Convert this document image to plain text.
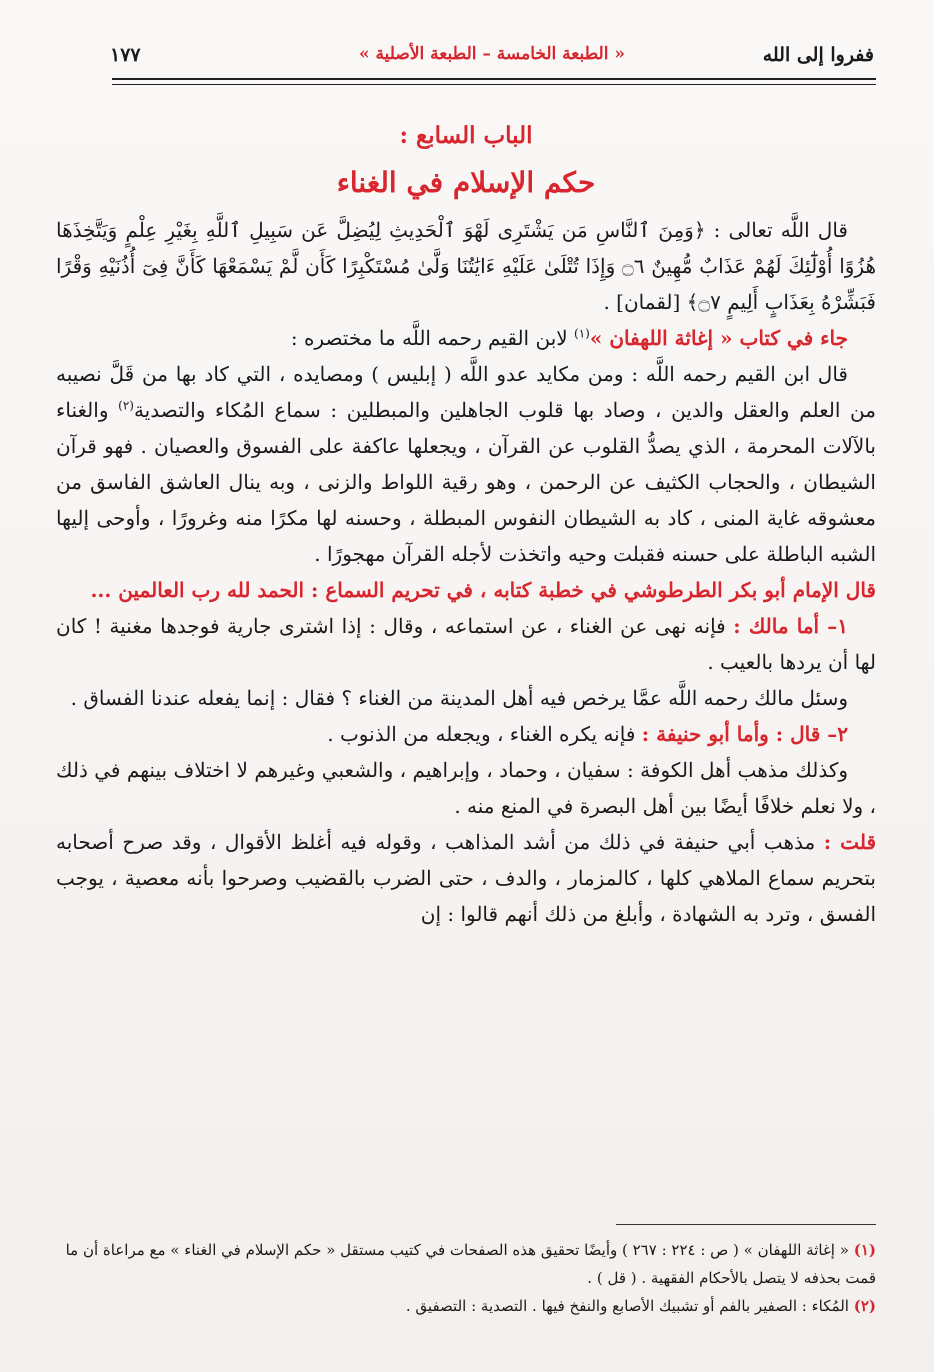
ففروا إلى الله
« الطبعة الخامسة – الطبعة الأصلية »
١٧٧
الباب السابع :
حكم الإسلام في الغناء

قال اللَّه تعالى : ﴿وَمِنَ ٱلنَّاسِ مَن يَشْتَرِى لَهْوَ ٱلْحَدِيثِ لِيُضِلَّ عَن سَبِيلِ ٱللَّهِ بِغَيْرِ عِلْمٍ وَيَتَّخِذَهَا هُزُوًا أُوْلَٰٓئِكَ لَهُمْ عَذَابٌ مُّهِينٌ ۝٦ وَإِذَا تُتْلَىٰ عَلَيْهِ ءَايَٰتُنَا وَلَّىٰ مُسْتَكْبِرًا كَأَن لَّمْ يَسْمَعْهَا كَأَنَّ فِىٓ أُذُنَيْهِ وَقْرًا فَبَشِّرْهُ بِعَذَابٍ أَلِيمٍ ۝٧﴾ [لقمان] .

جاء في كتاب « إغاثة اللهفان »$^{(١)}$ لابن القيم رحمه اللَّه ما مختصره :

قال ابن القيم رحمه اللَّه : ومن مكايد عدو اللَّه ( إبليس ) ومصايده ، التي كاد بها من قَلَّ نصيبه من العلم والعقل والدين ، وصاد بها قلوب الجاهلين والمبطلين : سماع المُكاء والتصدية$^{(٢)}$ والغناء بالآلات المحرمة ، الذي يصدُّ القلوب عن القرآن ، ويجعلها عاكفة على الفسوق والعصيان . فهو قرآن الشيطان ، والحجاب الكثيف عن الرحمن ، وهو رقية اللواط والزنى ، وبه ينال العاشق الفاسق من معشوقه غاية المنى ، كاد به الشيطان النفوس المبطلة ، وحسنه لها مكرًا منه وغرورًا ، وأوحى إليها الشبه الباطلة على حسنه فقبلت وحيه واتخذت لأجله القرآن مهجورًا .

قال الإمام أبو بكر الطرطوشي في خطبة كتابه ، في تحريم السماع : الحمد لله رب العالمين ...

١– أما مالك : فإنه نهى عن الغناء ، عن استماعه ، وقال : إذا اشترى جارية فوجدها مغنية ! كان لها أن يردها بالعيب .

وسئل مالك رحمه اللَّه عمَّا يرخص فيه أهل المدينة من الغناء ؟ فقال : إنما يفعله عندنا الفساق .

٢– قال : وأما أبو حنيفة : فإنه يكره الغناء ، ويجعله من الذنوب .

وكذلك مذهب أهل الكوفة : سفيان ، وحماد ، وإبراهيم ، والشعبي وغيرهم لا اختلاف بينهم في ذلك ، ولا نعلم خلافًا أيضًا بين أهل البصرة في المنع منه .

قلت : مذهب أبي حنيفة في ذلك من أشد المذاهب ، وقوله فيه أغلظ الأقوال ، وقد صرح أصحابه بتحريم سماع الملاهي كلها ، كالمزمار ، والدف ، حتى الضرب بالقضيب وصرحوا بأنه معصية ، يوجب الفسق ، وترد به الشهادة ، وأبلغ من ذلك أنهم قالوا : إن

(١) « إغاثة اللهفان » ( ص : ٢٢٤ : ٢٦٧ ) وأيضًا تحقيق هذه الصفحات في كتيب مستقل « حكم الإسلام في الغناء » مع مراعاة أن ما قمت بحذفه لا يتصل بالأحكام الفقهية . ( قل ) .

(٢) المُكاء : الصفير بالفم أو تشبيك الأصابع والنفخ فيها . التصدية : التصفيق .
